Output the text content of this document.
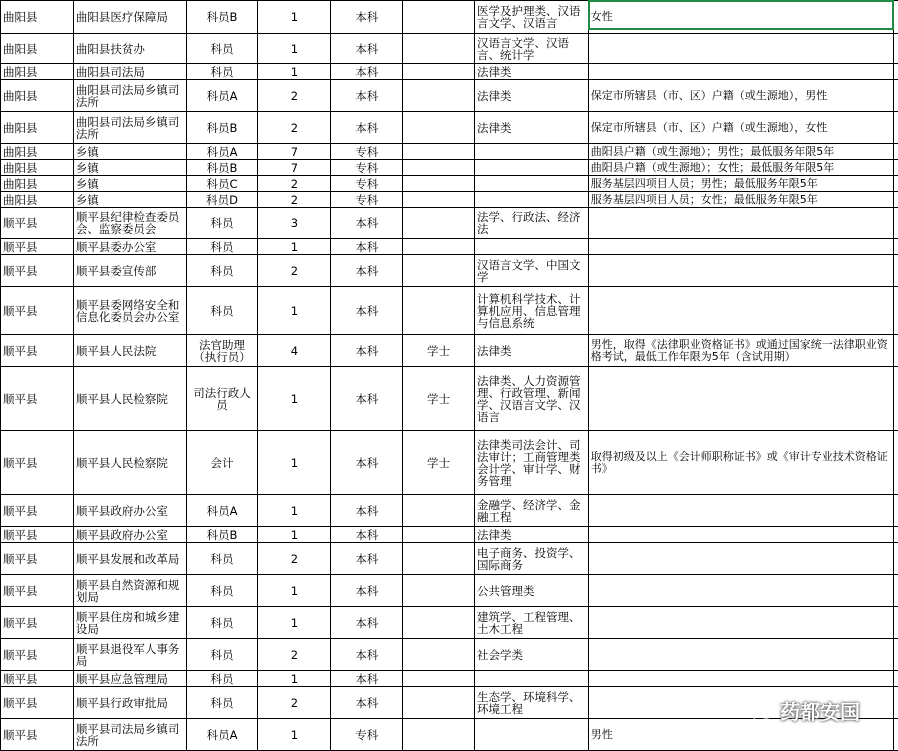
曲阳县	曲阳县医疗保障局	科员B	1	本科		医学及护理类、汉语言文学、汉语言	女性	
曲阳县	曲阳县扶贫办	科员	1	本科		汉语言文学、汉语言、统计学		
曲阳县	曲阳县司法局	科员	1	本科		法律类		
曲阳县	曲阳县司法局乡镇司法所	科员A	2	本科		法律类	保定市所辖县（市、区）户籍（或生源地），男性	
曲阳县	曲阳县司法局乡镇司法所	科员B	2	本科		法律类	保定市所辖县（市、区）户籍（或生源地），女性	
曲阳县	乡镇	科员A	7	专科			曲阳县户籍（或生源地）；男性；最低服务年限5年	
曲阳县	乡镇	科员B	7	专科			曲阳县户籍（或生源地）；女性；最低服务年限5年	
曲阳县	乡镇	科员C	2	专科			服务基层四项目人员；男性；最低服务年限5年	
曲阳县	乡镇	科员D	2	专科			服务基层四项目人员；女性；最低服务年限5年	
顺平县	顺平县纪律检查委员会、监察委员会	科员	3	本科		法学、行政法、经济法		
顺平县	顺平县委办公室	科员	1	本科				
顺平县	顺平县委宣传部	科员	2	本科		汉语言文学、中国文学		
顺平县	顺平县委网络安全和信息化委员会办公室	科员	1	本科		计算机科学技术、计算机应用、信息管理与信息系统		
顺平县	顺平县人民法院	法官助理（执行员）	4	本科	学士	法律类	男性，取得《法律职业资格证书》或通过国家统一法律职业资格考试，最低工作年限为5年（含试用期）	
顺平县	顺平县人民检察院	司法行政人员	1	本科	学士	法律类、人力资源管理、行政管理、新闻学、汉语言文学、汉语言		
顺平县	顺平县人民检察院	会计	1	本科	学士	法律类司法会计、司法审计；工商管理类会计学、审计学、财务管理	取得初级及以上《会计师职称证书》或《审计专业技术资格证书》	
顺平县	顺平县政府办公室	科员A	1	本科		金融学、经济学、金融工程		
顺平县	顺平县政府办公室	科员B	1	本科		法律类		
顺平县	顺平县发展和改革局	科员	2	本科		电子商务、投资学、国际商务		
顺平县	顺平县自然资源和规划局	科员	1	本科		公共管理类		
顺平县	顺平县住房和城乡建设局	科员	1	本科		建筑学、工程管理、土木工程		
顺平县	顺平县退役军人事务局	科员	2	本科		社会学类		
顺平县	顺平县应急管理局	科员	1	本科				
顺平县	顺平县行政审批局	科员	2	本科		生态学、环境科学、环境工程		
顺平县	顺平县司法局乡镇司法所	科员A	1	专科			男性	
药都安国
